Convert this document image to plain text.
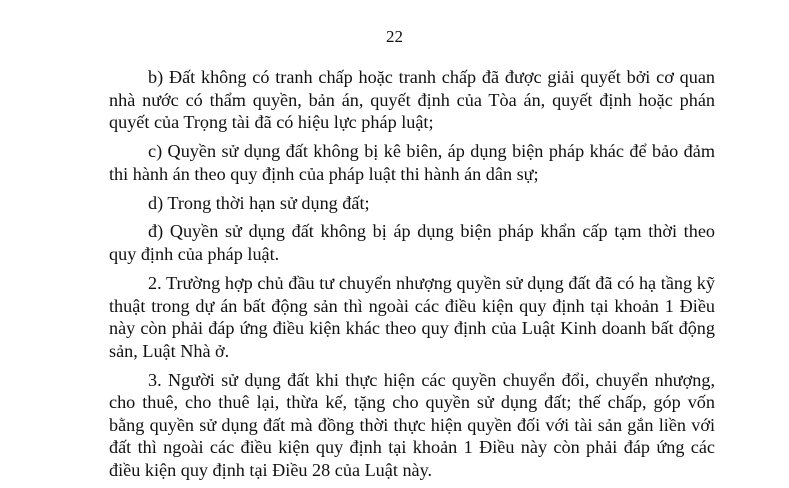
22

b) Đất không có tranh chấp hoặc tranh chấp đã được giải quyết bởi cơ quan nhà nước có thẩm quyền, bản án, quyết định của Tòa án, quyết định hoặc phán quyết của Trọng tài đã có hiệu lực pháp luật;

c) Quyền sử dụng đất không bị kê biên, áp dụng biện pháp khác để bảo đảm thi hành án theo quy định của pháp luật thi hành án dân sự;

d) Trong thời hạn sử dụng đất;

đ) Quyền sử dụng đất không bị áp dụng biện pháp khẩn cấp tạm thời theo quy định của pháp luật.

2. Trường hợp chủ đầu tư chuyển nhượng quyền sử dụng đất đã có hạ tầng kỹ thuật trong dự án bất động sản thì ngoài các điều kiện quy định tại khoản 1 Điều này còn phải đáp ứng điều kiện khác theo quy định của Luật Kinh doanh bất động sản, Luật Nhà ở.

3. Người sử dụng đất khi thực hiện các quyền chuyển đổi, chuyển nhượng, cho thuê, cho thuê lại, thừa kế, tặng cho quyền sử dụng đất; thế chấp, góp vốn bằng quyền sử dụng đất mà đồng thời thực hiện quyền đối với tài sản gắn liền với đất thì ngoài các điều kiện quy định tại khoản 1 Điều này còn phải đáp ứng các điều kiện quy định tại Điều 28 của Luật này.
